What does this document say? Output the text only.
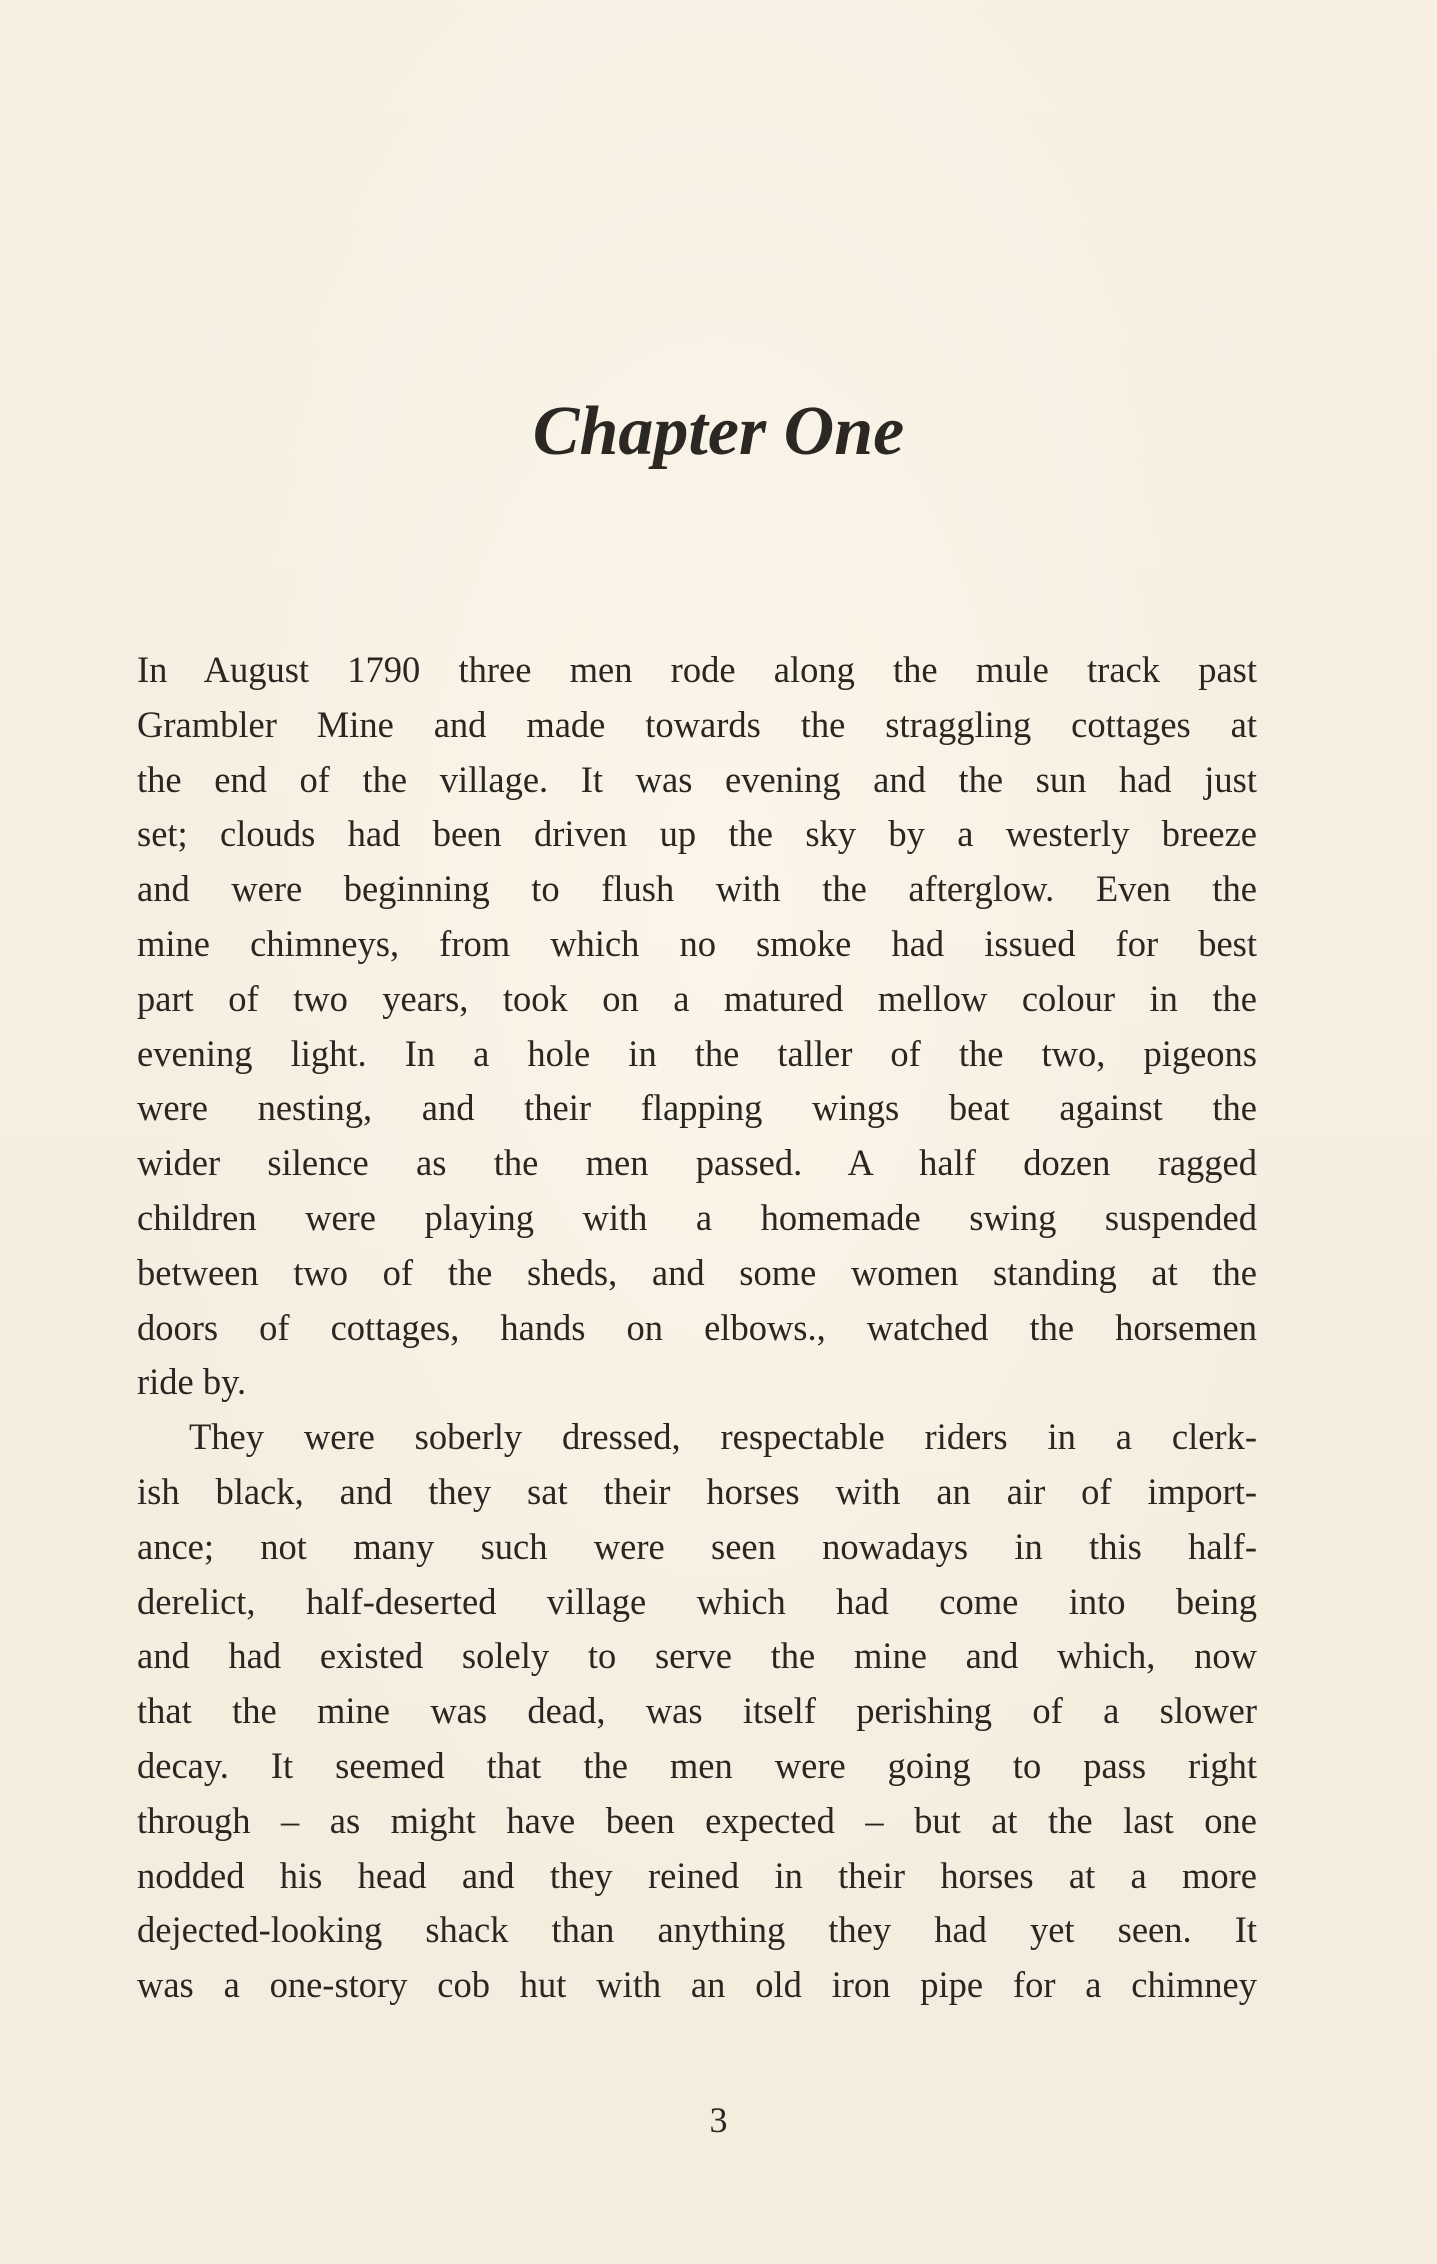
Chapter One

In August 1790 three men rode along the mule track past
Grambler Mine and made towards the straggling cottages at
the end of the village. It was evening and the sun had just
set; clouds had been driven up the sky by a westerly breeze
and were beginning to flush with the afterglow. Even the
mine chimneys, from which no smoke had issued for best
part of two years, took on a matured mellow colour in the
evening light. In a hole in the taller of the two, pigeons
were nesting, and their flapping wings beat against the
wider silence as the men passed. A half dozen ragged
children were playing with a homemade swing suspended
between two of the sheds, and some women standing at the
doors of cottages, hands on elbows., watched the horsemen
ride by.

They were soberly dressed, respectable riders in a clerk-
ish black, and they sat their horses with an air of import-
ance; not many such were seen nowadays in this half-
derelict, half-deserted village which had come into being
and had existed solely to serve the mine and which, now
that the mine was dead, was itself perishing of a slower
decay. It seemed that the men were going to pass right
through – as might have been expected – but at the last one
nodded his head and they reined in their horses at a more
dejected-looking shack than anything they had yet seen. It
was a one-story cob hut with an old iron pipe for a chimney

3
